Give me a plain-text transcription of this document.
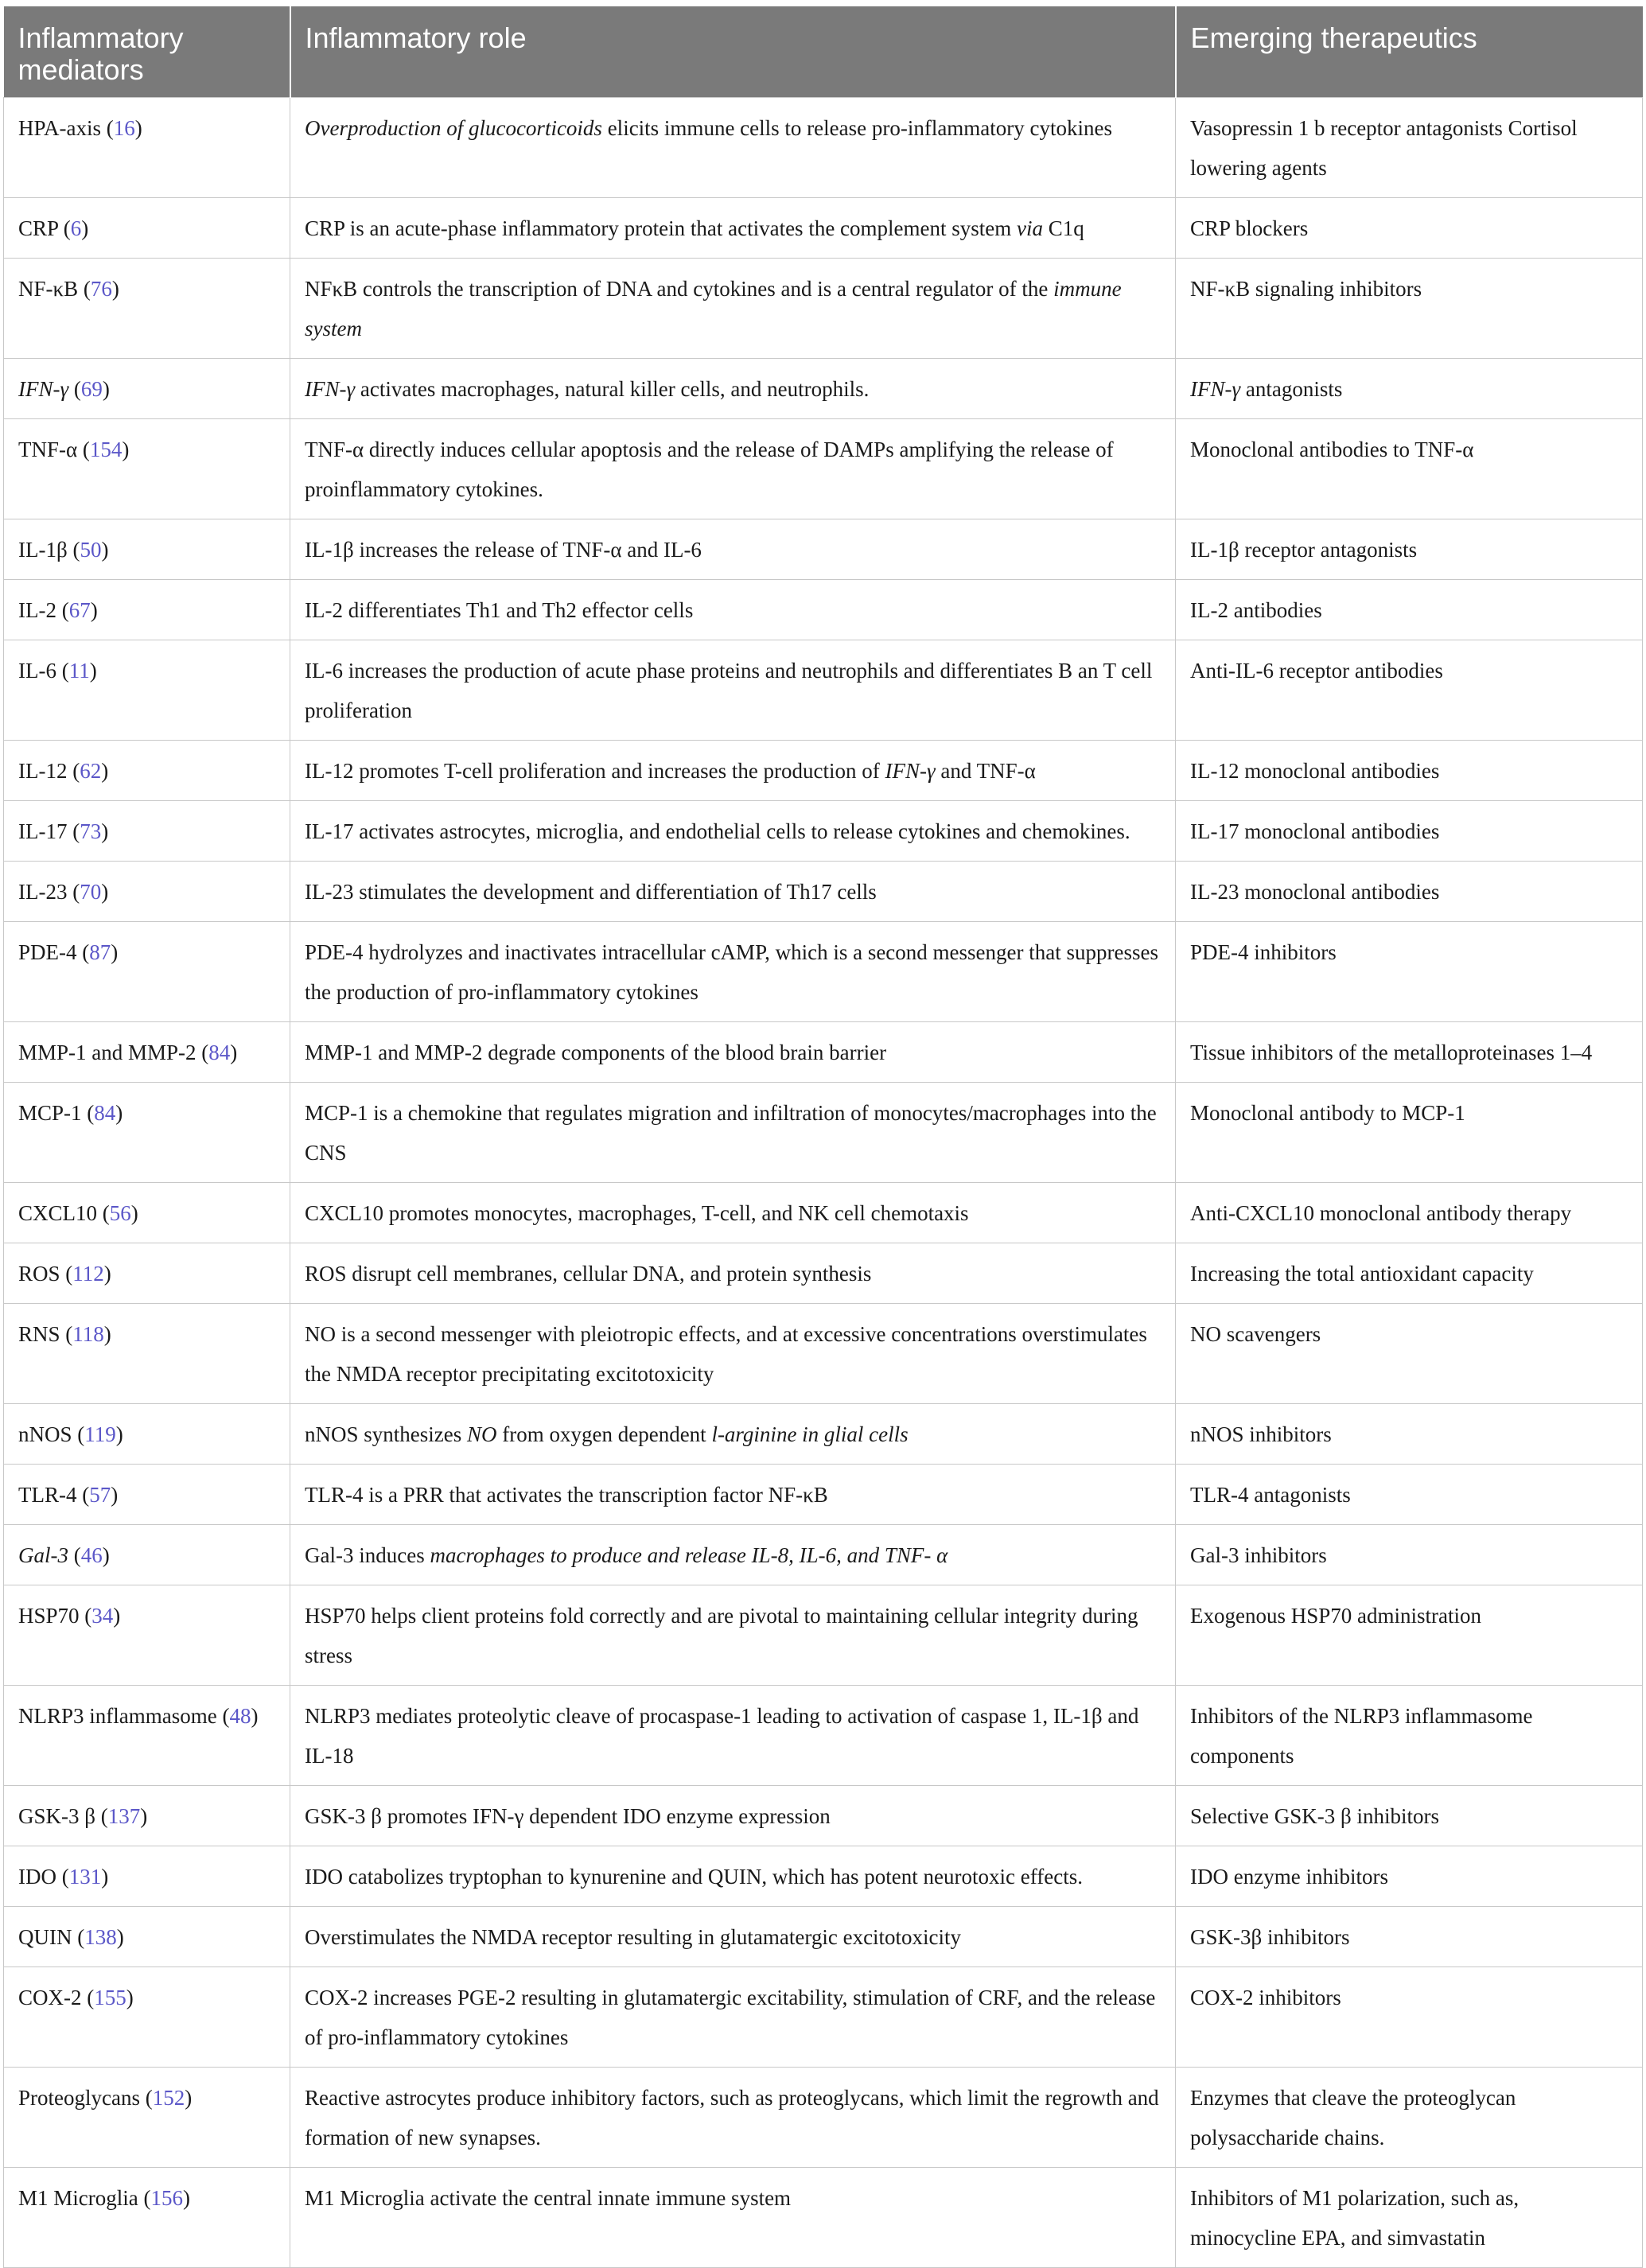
Inflammatory mediators	Inflammatory role	Emerging therapeutics
HPA-axis (16)	Overproduction of glucocorticoids elicits immune cells to release pro-inflammatory cytokines	Vasopressin 1 b receptor antagonists Cortisol lowering agents
CRP (6)	CRP is an acute-phase inflammatory protein that activates the complement system via C1q	CRP blockers
NF-κB (76)	NFκB controls the transcription of DNA and cytokines and is a central regulator of the immune system	NF-κB signaling inhibitors
IFN-γ (69)	IFN-γ activates macrophages, natural killer cells, and neutrophils.	IFN-γ antagonists
TNF-α (154)	TNF-α directly induces cellular apoptosis and the release of DAMPs amplifying the release of proinflammatory cytokines.	Monoclonal antibodies to TNF-α
IL-1β (50)	IL-1β increases the release of TNF-α and IL-6	IL-1β receptor antagonists
IL-2 (67)	IL-2 differentiates Th1 and Th2 effector cells	IL-2 antibodies
IL-6 (11)	IL-6 increases the production of acute phase proteins and neutrophils and differentiates B an T cell proliferation	Anti-IL-6 receptor antibodies
IL-12 (62)	IL-12 promotes T-cell proliferation and increases the production of IFN-γ and TNF-α	IL-12 monoclonal antibodies
IL-17 (73)	IL-17 activates astrocytes, microglia, and endothelial cells to release cytokines and chemokines.	IL-17 monoclonal antibodies
IL-23 (70)	IL-23 stimulates the development and differentiation of Th17 cells	IL-23 monoclonal antibodies
PDE-4 (87)	PDE-4 hydrolyzes and inactivates intracellular cAMP, which is a second messenger that suppresses the production of pro-inflammatory cytokines	PDE-4 inhibitors
MMP-1 and MMP-2 (84)	MMP-1 and MMP-2 degrade components of the blood brain barrier	Tissue inhibitors of the metalloproteinases 1–4
MCP-1 (84)	MCP-1 is a chemokine that regulates migration and infiltration of monocytes/macrophages into the CNS	Monoclonal antibody to MCP-1
CXCL10 (56)	CXCL10 promotes monocytes, macrophages, T-cell, and NK cell chemotaxis	Anti-CXCL10 monoclonal antibody therapy
ROS (112)	ROS disrupt cell membranes, cellular DNA, and protein synthesis	Increasing the total antioxidant capacity
RNS (118)	NO is a second messenger with pleiotropic effects, and at excessive concentrations overstimulates the NMDA receptor precipitating excitotoxicity	NO scavengers
nNOS (119)	nNOS synthesizes NO from oxygen dependent l-arginine in glial cells	nNOS inhibitors
TLR-4 (57)	TLR-4 is a PRR that activates the transcription factor NF-κB	TLR-4 antagonists
Gal-3 (46)	Gal-3 induces macrophages to produce and release IL-8, IL-6, and TNF- α	Gal-3 inhibitors
HSP70 (34)	HSP70 helps client proteins fold correctly and are pivotal to maintaining cellular integrity during stress	Exogenous HSP70 administration
NLRP3 inflammasome (48)	NLRP3 mediates proteolytic cleave of procaspase-1 leading to activation of caspase 1, IL-1β and IL-18	Inhibitors of the NLRP3 inflammasome components
GSK-3 β (137)	GSK-3 β promotes IFN-γ dependent IDO enzyme expression	Selective GSK-3 β inhibitors
IDO (131)	IDO catabolizes tryptophan to kynurenine and QUIN, which has potent neurotoxic effects.	IDO enzyme inhibitors
QUIN (138)	Overstimulates the NMDA receptor resulting in glutamatergic excitotoxicity	GSK-3β inhibitors
COX-2 (155)	COX-2 increases PGE-2 resulting in glutamatergic excitability, stimulation of CRF, and the release of pro-inflammatory cytokines	COX-2 inhibitors
Proteoglycans (152)	Reactive astrocytes produce inhibitory factors, such as proteoglycans, which limit the regrowth and formation of new synapses.	Enzymes that cleave the proteoglycan polysaccharide chains.
M1 Microglia (156)	M1 Microglia activate the central innate immune system	Inhibitors of M1 polarization, such as, minocycline EPA, and simvastatin
